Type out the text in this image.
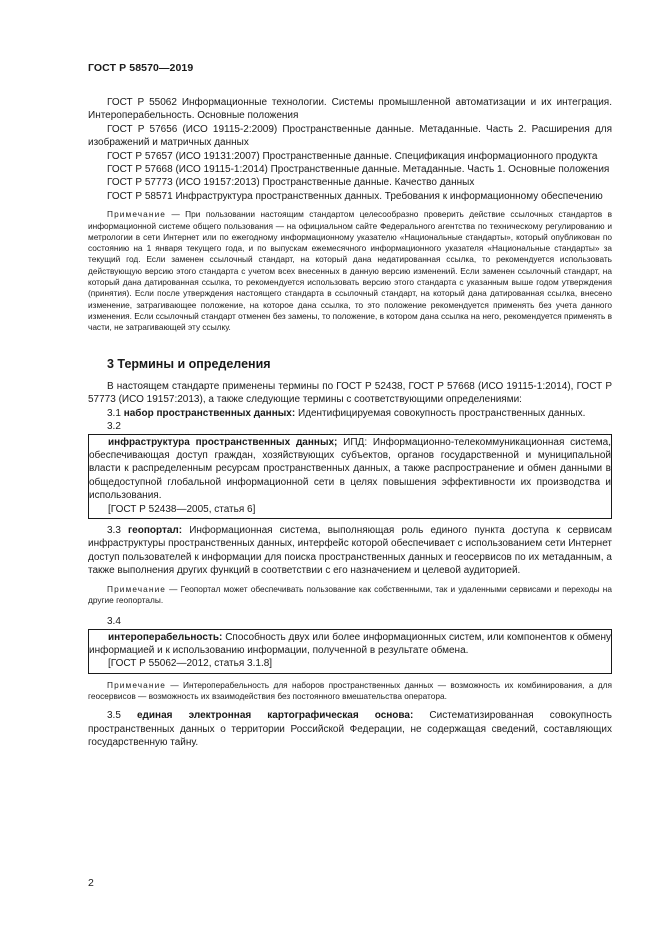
ГОСТ Р 58570—2019

ГОСТ Р 55062 Информационные технологии. Системы промышленной автоматизации и их интеграция. Интероперабельность. Основные положения

ГОСТ Р 57656 (ИСО 19115-2:2009) Пространственные данные. Метаданные. Часть 2. Расширения для изображений и матричных данных

ГОСТ Р 57657 (ИСО 19131:2007) Пространственные данные. Спецификация информационного продукта

ГОСТ Р 57668 (ИСО 19115-1:2014) Пространственные данные. Метаданные. Часть 1. Основные положения

ГОСТ Р 57773 (ИСО 19157:2013) Пространственные данные. Качество данных

ГОСТ Р 58571 Инфраструктура пространственных данных. Требования к информационному обеспечению

Примечание — При пользовании настоящим стандартом целесообразно проверить действие ссылочных стандартов в информационной системе общего пользования — на официальном сайте Федерального агентства по техническому регулированию и метрологии в сети Интернет или по ежегодному информационному указателю «Национальные стандарты», который опубликован по состоянию на 1 января текущего года, и по выпускам ежемесячного информационного указателя «Национальные стандарты» за текущий год. Если заменен ссылочный стандарт, на который дана недатированная ссылка, то рекомендуется использовать действующую версию этого стандарта с учетом всех внесенных в данную версию изменений. Если заменен ссылочный стандарт, на который дана датированная ссылка, то рекомендуется использовать версию этого стандарта с указанным выше годом утверждения (принятия). Если после утверждения настоящего стандарта в ссылочный стандарт, на который дана датированная ссылка, внесено изменение, затрагивающее положение, на которое дана ссылка, то это положение рекомендуется применять без учета данного изменения. Если ссылочный стандарт отменен без замены, то положение, в котором дана ссылка на него, рекомендуется применять в части, не затрагивающей эту ссылку.

3 Термины и определения

В настоящем стандарте применены термины по ГОСТ Р 52438, ГОСТ Р 57668 (ИСО 19115-1:2014), ГОСТ Р 57773 (ИСО 19157:2013), а также следующие термины с соответствующими определениями:

3.1 набор пространственных данных: Идентифицируемая совокупность пространственных данных.

3.2

инфраструктура пространственных данных; ИПД: Информационно-телекоммуникационная система, обеспечивающая доступ граждан, хозяйствующих субъектов, органов государственной и муниципальной власти к распределенным ресурсам пространственных данных, а также распространение и обмен данными в общедоступной глобальной информационной сети в целях повышения эффективности их производства и использования.

[ГОСТ Р 52438—2005, статья 6]

3.3 геопортал: Информационная система, выполняющая роль единого пункта доступа к сервисам инфраструктуры пространственных данных, интерфейс которой обеспечивает с использованием сети Интернет доступ пользователей к информации для поиска пространственных данных и геосервисов по их метаданным, а также выполнения других функций в соответствии с его назначением и целевой аудиторией.

Примечание — Геопортал может обеспечивать пользование как собственными, так и удаленными сервисами и переходы на другие геопорталы.

3.4

интероперабельность: Способность двух или более информационных систем, или компонентов к обмену информацией и к использованию информации, полученной в результате обмена.

[ГОСТ Р 55062—2012, статья 3.1.8]

Примечание — Интероперабельность для наборов пространственных данных — возможность их комбинирования, а для геосервисов — возможность их взаимодействия без постоянного вмешательства оператора.

3.5 единая электронная картографическая основа: Систематизированная совокупность пространственных данных о территории Российской Федерации, не содержащая сведений, составляющих государственную тайну.

2
